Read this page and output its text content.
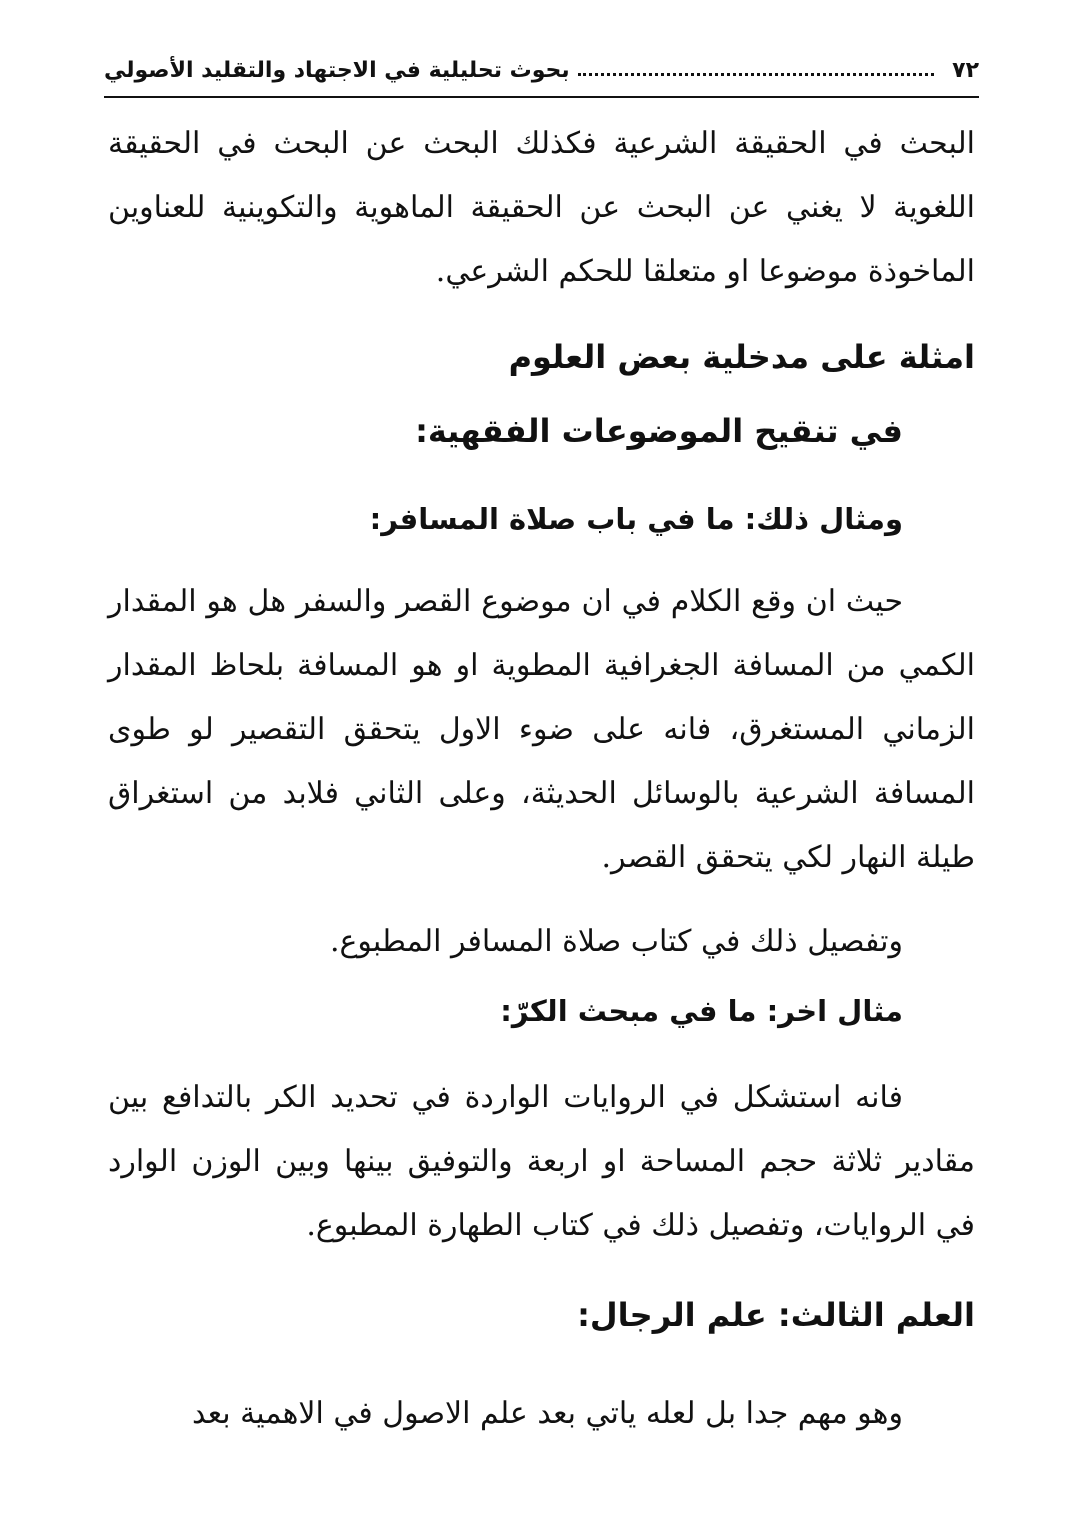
٧٢
بحوث تحليلية في الاجتهاد والتقليد الأصولي
البحث في الحقيقة الشرعية فكذلك البحث عن البحث في الحقيقة اللغوية لا يغني عن البحث عن الحقيقة الماهوية والتكوينية للعناوين الماخوذة موضوعا او متعلقا للحكم الشرعي.
امثلة على مدخلية بعض العلوم
في تنقيح الموضوعات الفقهية:
ومثال ذلك: ما في باب صلاة المسافر:
حيث ان وقع الكلام في ان موضوع القصر والسفر هل هو المقدار الكمي من المسافة الجغرافية المطوية او هو المسافة بلحاظ المقدار الزماني المستغرق، فانه على ضوء الاول يتحقق التقصير لو طوى المسافة الشرعية بالوسائل الحديثة، وعلى الثاني فلابد من استغراق طيلة النهار لكي يتحقق القصر.
وتفصيل ذلك في كتاب صلاة المسافر المطبوع.
مثال اخر: ما في مبحث الكرّ:
فانه استشكل في الروايات الواردة في تحديد الكر بالتدافع بين مقادير ثلاثة حجم المساحة او اربعة والتوفيق بينها وبين الوزن الوارد في الروايات، وتفصيل ذلك في كتاب الطهارة المطبوع.
العلم الثالث: علم الرجال:
وهو مهم جدا بل لعله ياتي بعد علم الاصول في الاهمية بعد
